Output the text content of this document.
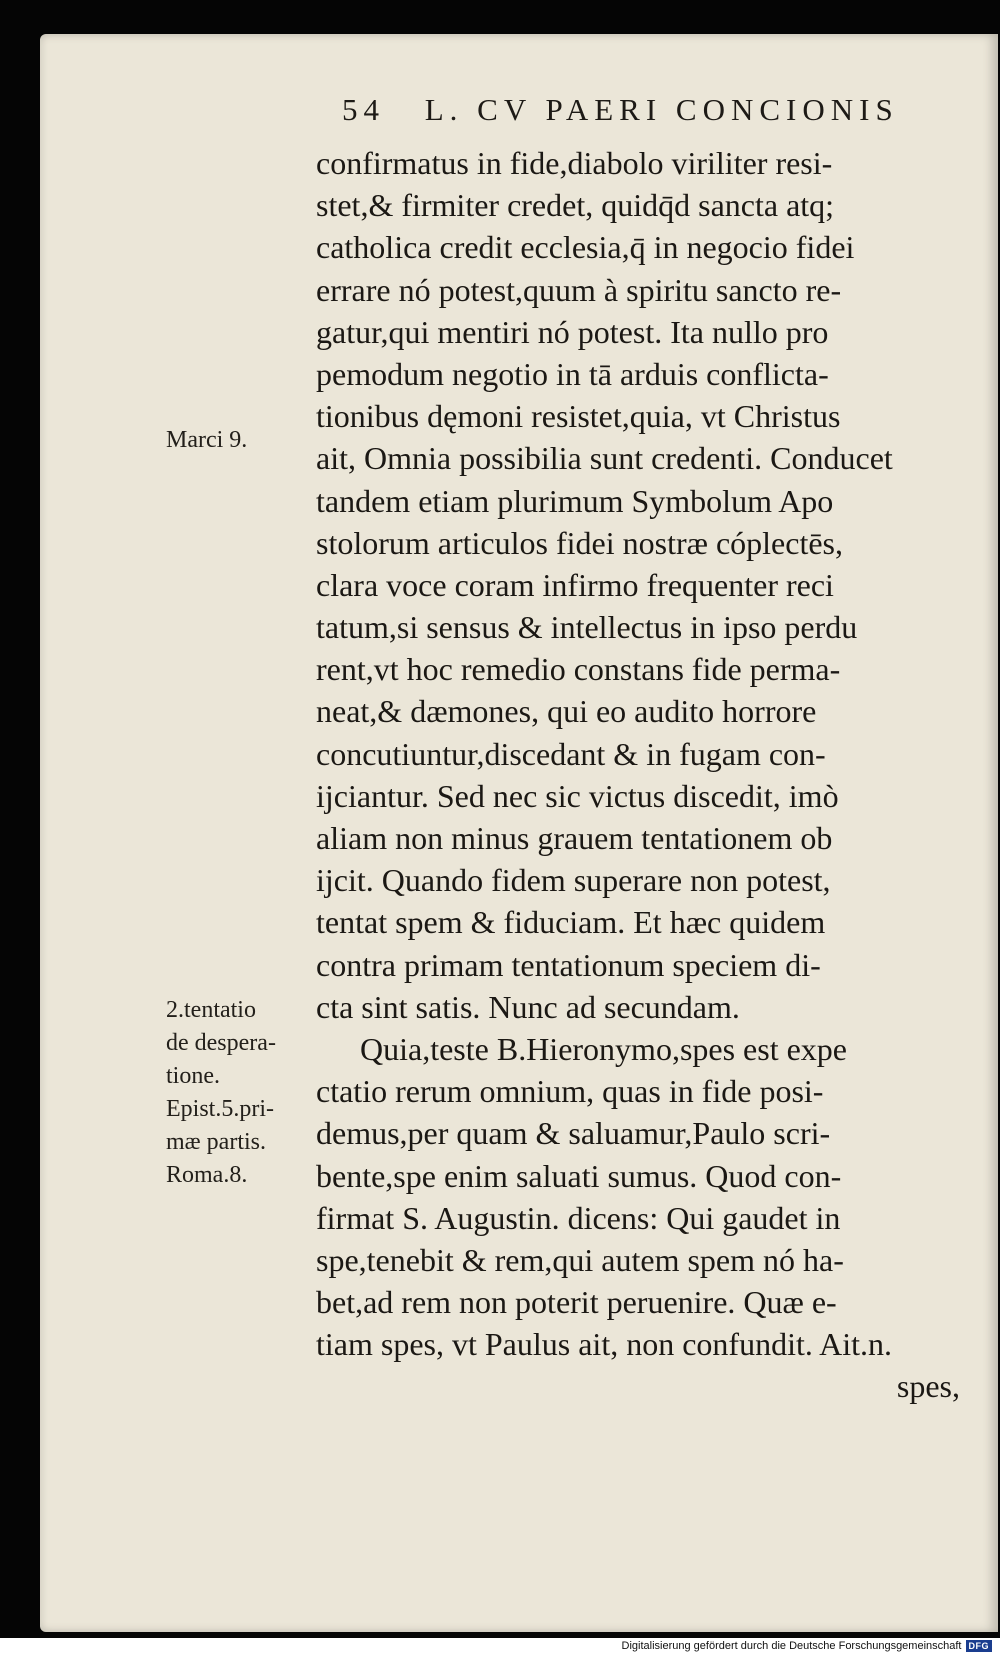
54 L. CV PAERI CONCIONIS
confirmatus in fide,diabolo viriliter resi-
stet,& firmiter credet, quidq̄d sancta atq;
catholica credit ecclesia,q̄ in negocio fidei
errare nó potest,quum à spiritu sancto re-
gatur,qui mentiri nó potest. Ita nullo pro
pemodum negotio in tā arduis conflicta-
tionibus dęmoni resistet,quia, vt Christus
ait, Omnia possibilia sunt credenti. Conducet
tandem etiam plurimum Symbolum Apo
stolorum articulos fidei nostræ cóplectēs,
clara voce coram infirmo frequenter reci
tatum,si sensus & intellectus in ipso perdu
rent,vt hoc remedio constans fide perma-
neat,& dæmones, qui eo audito horrore
concutiuntur,discedant & in fugam con-
ijciantur. Sed nec sic victus discedit, imò
aliam non minus grauem tentationem ob
ijcit. Quando fidem superare non potest,
tentat spem & fiduciam. Et hæc quidem
contra primam tentationum speciem di-
cta sint satis. Nunc ad secundam.
Quia,teste B.Hieronymo,spes est expe
ctatio rerum omnium, quas in fide posi-
demus,per quam & saluamur,Paulo scri-
bente,spe enim saluati sumus. Quod con-
firmat S. Augustin. dicens: Qui gaudet in
spe,tenebit & rem,qui autem spem nó ha-
bet,ad rem non poterit peruenire. Quæ e-
tiam spes, vt Paulus ait, non confundit. Ait.n.
spes,
Marci 9.
2.tentatio
de despera-
tione.
Epist.5.pri-
mæ partis.
Roma.8.
Digitalisierung gefördert durch die Deutsche Forschungsgemeinschaft DFG
